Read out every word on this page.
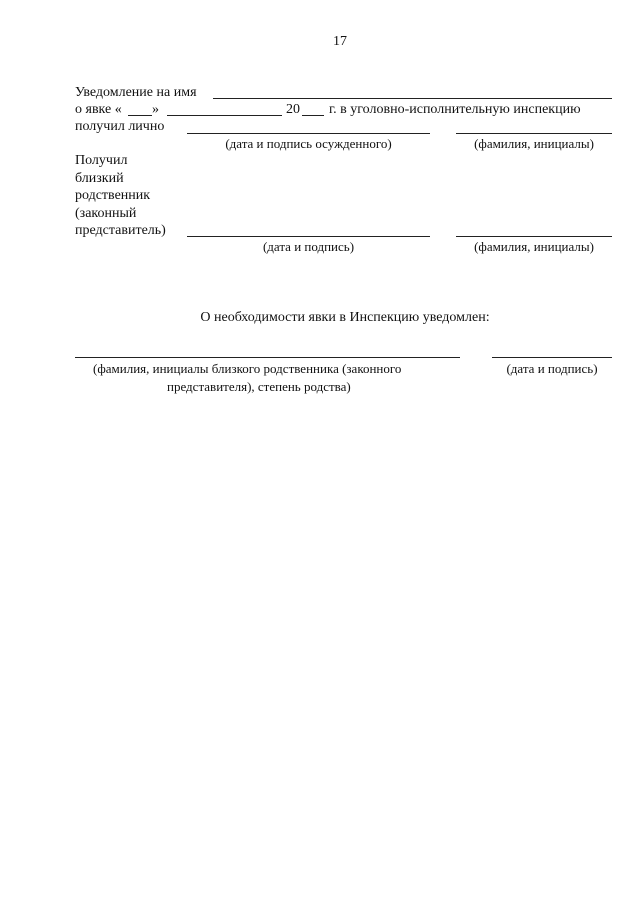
17
Уведомление на имя
о явке « »	20 г. в уголовно-исполнительную инспекцию
получил лично
(дата и подпись осужденного)	(фамилия, инициалы)
Получил
близкий
родственник
(законный
представитель)
(дата и подпись)	(фамилия, инициалы)
О необходимости явки в Инспекцию уведомлен:
(фамилия, инициалы близкого родственника (законного
представителя), степень родства)
(дата и подпись)
